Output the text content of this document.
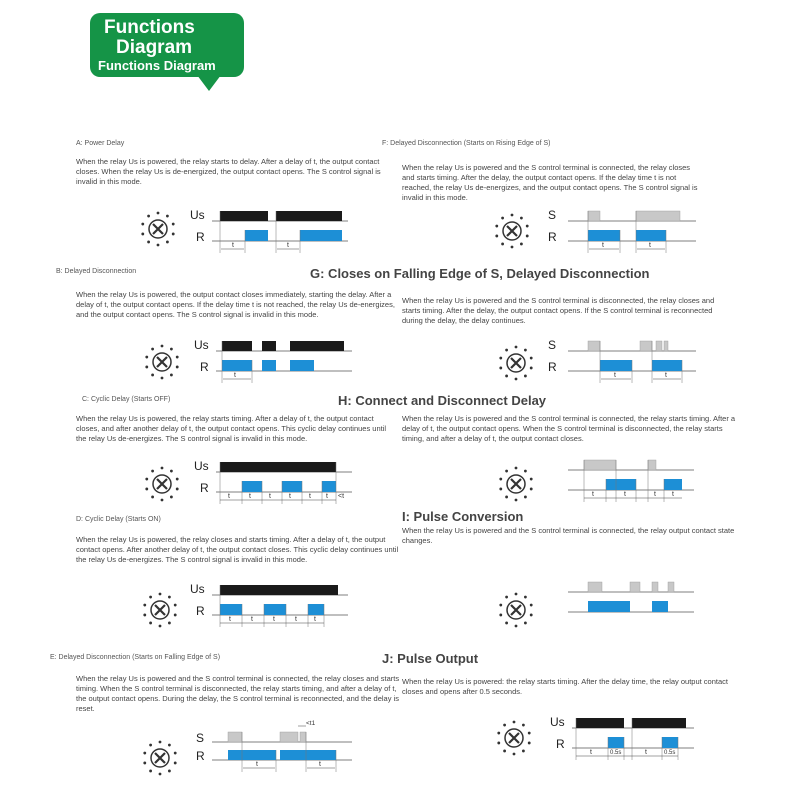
Functions
Diagram
Functions Diagram
A: Power Delay
When the relay Us is powered, the relay starts to delay. After a delay of t, the output contact closes. When the relay Us is de-energized, the output contact opens. The S control signal is invalid in this mode.
Us
R
t	t
F: Delayed Disconnection (Starts on Rising Edge of S)
When the relay Us is powered and the S control terminal is connected, the relay closes and starts timing. After the delay, the output contact opens. If the delay time t is not reached, the relay Us de-energizes, and the output contact opens. The S control signal is invalid in this mode.
S
R
t	t
B: Delayed Disconnection
When the relay Us is powered, the output contact closes immediately, starting the delay. After a delay of t, the output contact opens. If the delay time t is not reached, the relay Us de-energizes, and the output contact opens. The S control signal is invalid in this mode.
Us
R
t
G: Closes on Falling Edge of S, Delayed Disconnection
When the relay Us is powered and the S control terminal is disconnected, the relay closes and starts timing. After the delay, the output contact opens. If the S control terminal is reconnected during the delay, the delay continues.
S
R
t	t
C: Cyclic Delay (Starts OFF)
When the relay Us is powered, the relay starts timing. After a delay of t, the output contact closes, and after another delay of t, the output contact opens. This cyclic delay continues until the relay Us de-energizes. The S control signal is invalid in this mode.
Us
R
t	t	t	t	t t <t
H: Connect and Disconnect Delay
When the relay Us is powered and the S control terminal is connected, the relay starts timing. After a delay of t, the output contact opens. When the S control terminal is disconnected, the relay starts timing, and after a delay of t, the output contact closes.
t	t	t t
D: Cyclic Delay (Starts ON)
When the relay Us is powered, the relay closes and starts timing. After a delay of t, the output contact opens. After another delay of t, the output contact closes. This cyclic delay continues until the relay Us de-energizes. The S control signal is invalid in this mode.
Us
R
t	t	t	t t
I: Pulse Conversion
When the relay Us is powered and the S control terminal is connected, the relay output contact state changes.
E: Delayed Disconnection (Starts on Falling Edge of S)
When the relay Us is powered and the S control terminal is connected, the relay closes and starts timing. When the S control terminal is disconnected, the relay starts timing, and after a delay of t, the output contact opens. During the delay, the S control terminal is reconnected, and the delay is reset.
<t1
S
R
t	t
J: Pulse Output
When the relay Us is powered: the relay starts timing. After the delay time, the relay output contact closes and opens after 0.5 seconds.
Us
R
t	0.5s	t	0.5s
